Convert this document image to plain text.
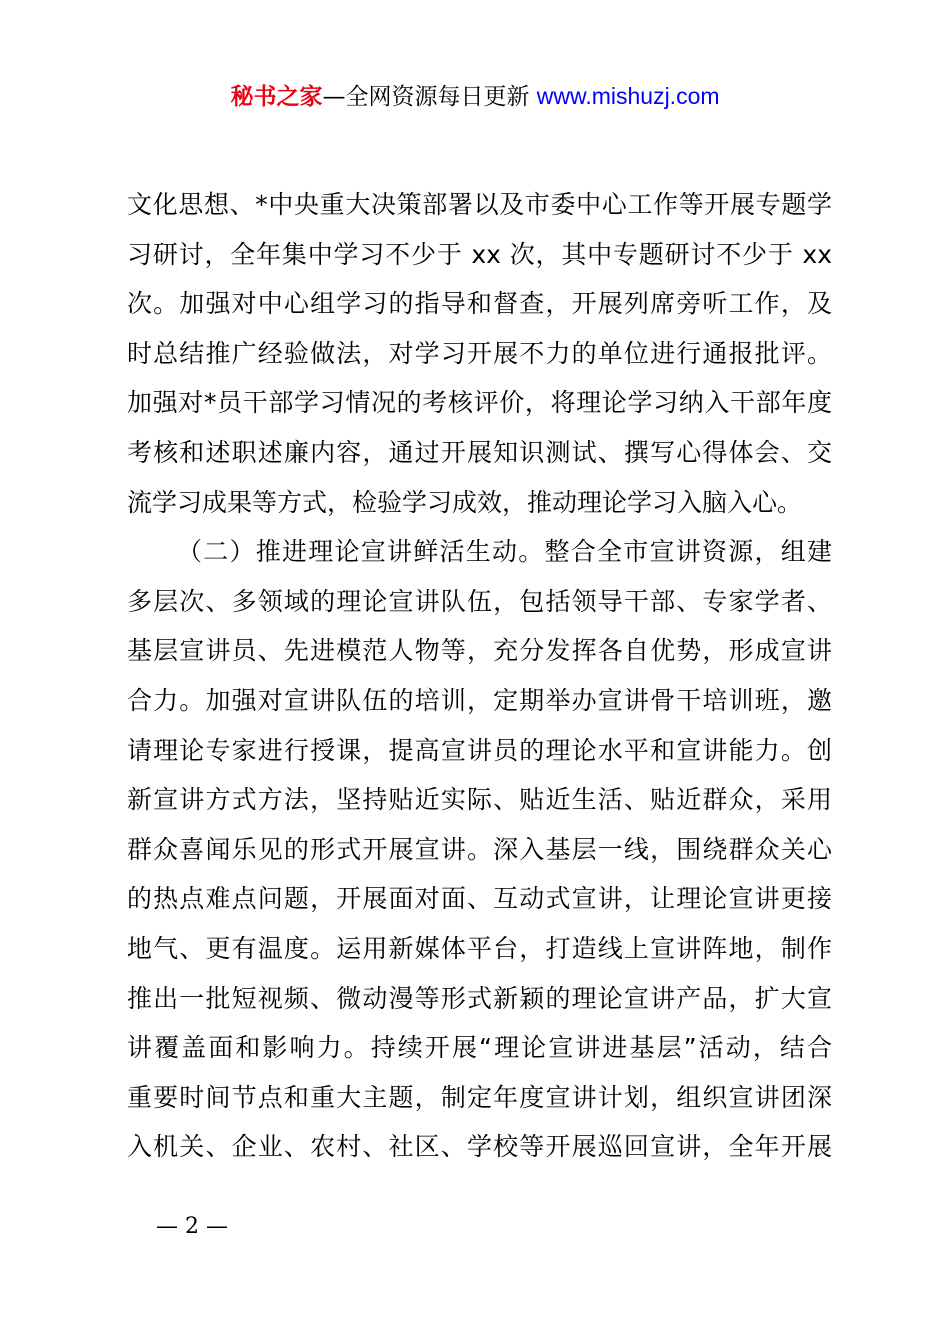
秘书之家—全网资源每日更新 www.mishuzj.com
文化思想、*中央重大决策部署以及市委中心工作等开展专题学
习研讨，全年集中学习不少于 xx 次，其中专题研讨不少于 xx
次。加强对中心组学习的指导和督查，开展列席旁听工作，及
时总结推广经验做法，对学习开展不力的单位进行通报批评。
加强对*员干部学习情况的考核评价，将理论学习纳入干部年度
考核和述职述廉内容，通过开展知识测试、撰写心得体会、交
流学习成果等方式，检验学习成效，推动理论学习入脑入心。
（二）推进理论宣讲鲜活生动。整合全市宣讲资源，组建
多层次、多领域的理论宣讲队伍，包括领导干部、专家学者、
基层宣讲员、先进模范人物等，充分发挥各自优势，形成宣讲
合力。加强对宣讲队伍的培训，定期举办宣讲骨干培训班，邀
请理论专家进行授课，提高宣讲员的理论水平和宣讲能力。创
新宣讲方式方法，坚持贴近实际、贴近生活、贴近群众，采用
群众喜闻乐见的形式开展宣讲。深入基层一线，围绕群众关心
的热点难点问题，开展面对面、互动式宣讲，让理论宣讲更接
地气、更有温度。运用新媒体平台，打造线上宣讲阵地，制作
推出一批短视频、微动漫等形式新颖的理论宣讲产品，扩大宣
讲覆盖面和影响力。持续开展“理论宣讲进基层”活动，结合
重要时间节点和重大主题，制定年度宣讲计划，组织宣讲团深
入机关、企业、农村、社区、学校等开展巡回宣讲，全年开展
— 2 —
